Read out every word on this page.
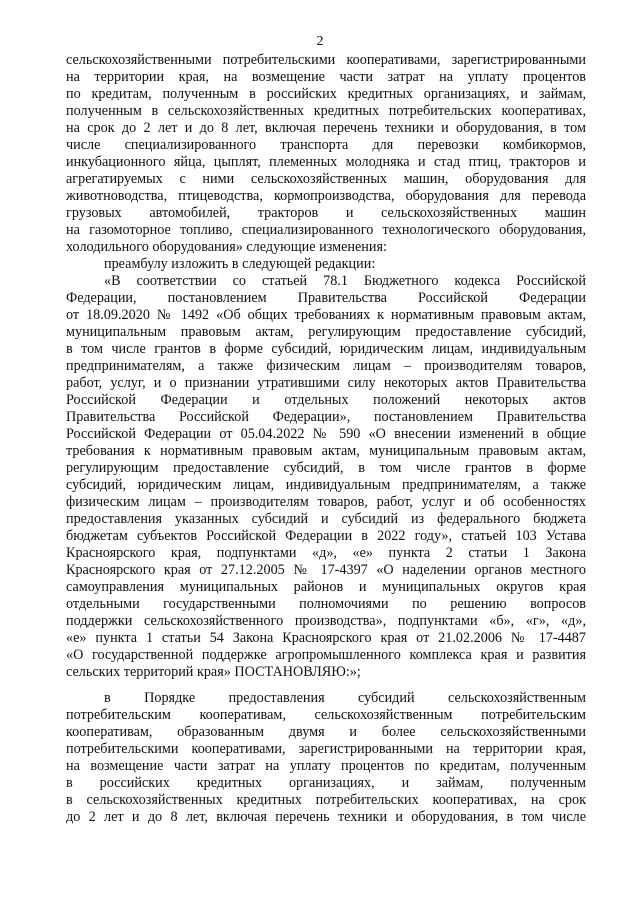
2
сельскохозяйственными потребительскими кооперативами, зарегистрированными
на территории края, на возмещение части затрат на уплату процентов
по кредитам, полученным в российских кредитных организациях, и займам,
полученным в сельскохозяйственных кредитных потребительских кооперативах,
на срок до 2 лет и до 8 лет, включая перечень техники и оборудования, в том
числе специализированного транспорта для перевозки комбикормов,
инкубационного яйца, цыплят, племенных молодняка и стад птиц, тракторов и
агрегатируемых с ними сельскохозяйственных машин, оборудования для
животноводства, птицеводства, кормопроизводства, оборудования для перевода
грузовых автомобилей, тракторов и сельскохозяйственных машин
на газомоторное топливо, специализированного технологического оборудования,
холодильного оборудования» следующие изменения:
преамбулу изложить в следующей редакции:
«В соответствии со статьей 78.1 Бюджетного кодекса Российской
Федерации, постановлением Правительства Российской Федерации
от 18.09.2020 № 1492 «Об общих требованиях к нормативным правовым актам,
муниципальным правовым актам, регулирующим предоставление субсидий,
в том числе грантов в форме субсидий, юридическим лицам, индивидуальным
предпринимателям, а также физическим лицам – производителям товаров,
работ, услуг, и о признании утратившими силу некоторых актов Правительства
Российской Федерации и отдельных положений некоторых актов
Правительства Российской Федерации», постановлением Правительства
Российской Федерации от 05.04.2022 № 590 «О внесении изменений в общие
требования к нормативным правовым актам, муниципальным правовым актам,
регулирующим предоставление субсидий, в том числе грантов в форме
субсидий, юридическим лицам, индивидуальным предпринимателям, а также
физическим лицам – производителям товаров, работ, услуг и об особенностях
предоставления указанных субсидий и субсидий из федерального бюджета
бюджетам субъектов Российской Федерации в 2022 году», статьей 103 Устава
Красноярского края, подпунктами «д», «е» пункта 2 статьи 1 Закона
Красноярского края от 27.12.2005 № 17-4397 «О наделении органов местного
самоуправления муниципальных районов и муниципальных округов края
отдельными государственными полномочиями по решению вопросов
поддержки сельскохозяйственного производства», подпунктами «б», «г», «д»,
«е» пункта 1 статьи 54 Закона Красноярского края от 21.02.2006 № 17-4487
«О государственной поддержке агропромышленного комплекса края и развития
сельских территорий края» ПОСТАНОВЛЯЮ:»;
в Порядке предоставления субсидий сельскохозяйственным
потребительским кооперативам, сельскохозяйственным потребительским
кооперативам, образованным двумя и более сельскохозяйственными
потребительскими кооперативами, зарегистрированными на территории края,
на возмещение части затрат на уплату процентов по кредитам, полученным
в российских кредитных организациях, и займам, полученным
в сельскохозяйственных кредитных потребительских кооперативах, на срок
до 2 лет и до 8 лет, включая перечень техники и оборудования, в том числе
